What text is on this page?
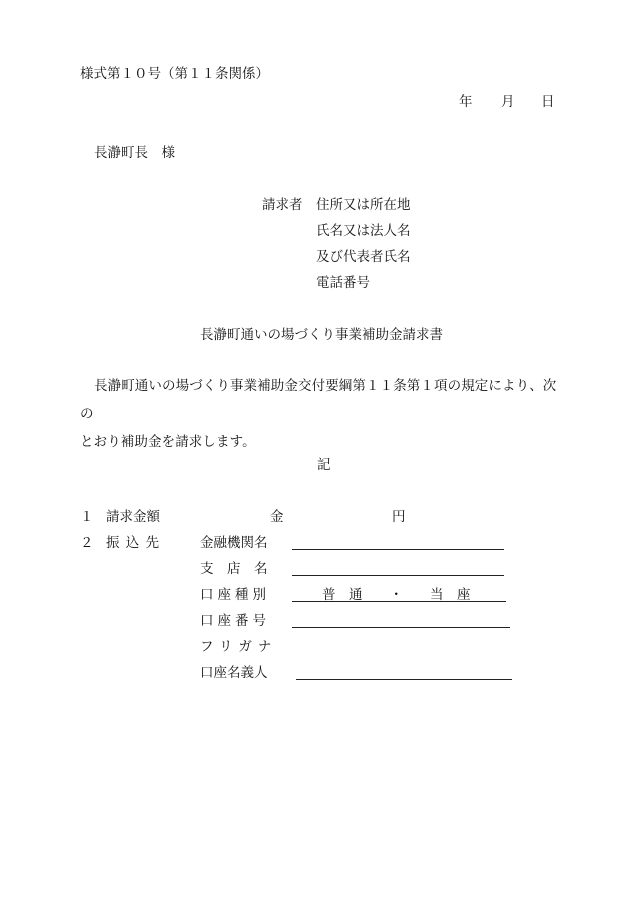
様式第１０号（第１１条関係）
年 月 日
長瀞町長　様
請求者 住所又は所在地
氏名又は法人名
及び代表者氏名
電話番号
長瀞町通いの場づくり事業補助金請求書

長瀞町通いの場づくり事業補助金交付要綱第１１条第１項の規定により、次の

とおり補助金を請求します。

記
１ 請求金額	金	円
２ 振 込 先	金融機関名
支　店　名
口座種別	普　通　　・　　当　座
口座番号
フリガナ
口座名義人
